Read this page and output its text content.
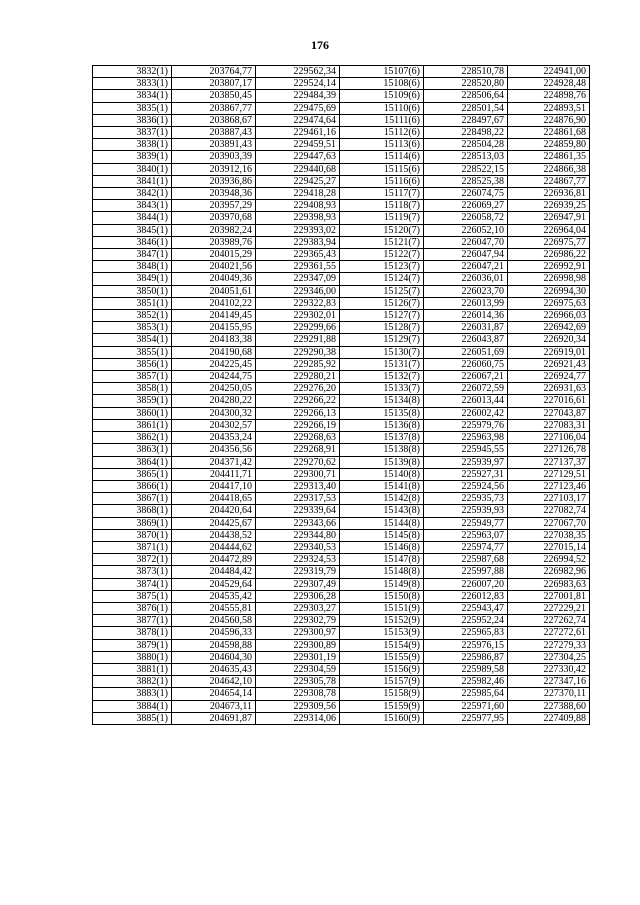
176
3832(1)	203764,77	229562,34	15107(6)	228510,78	224941,00
3833(1)	203807,17	229524,14	15108(6)	228520,80	224928,48
3834(1)	203850,45	229484,39	15109(6)	228506,64	224898,76
3835(1)	203867,77	229475,69	15110(6)	228501,54	224893,51
3836(1)	203868,67	229474,64	15111(6)	228497,67	224876,90
3837(1)	203887,43	229461,16	15112(6)	228498,22	224861,68
3838(1)	203891,43	229459,51	15113(6)	228504,28	224859,80
3839(1)	203903,39	229447,63	15114(6)	228513,03	224861,35
3840(1)	203912,16	229440,68	15115(6)	228522,15	224866,38
3841(1)	203936,86	229425,27	15116(6)	228525,38	224867,77
3842(1)	203948,36	229418,28	15117(7)	226074,75	226936,81
3843(1)	203957,29	229408,93	15118(7)	226069,27	226939,25
3844(1)	203970,68	229398,93	15119(7)	226058,72	226947,91
3845(1)	203982,24	229393,02	15120(7)	226052,10	226964,04
3846(1)	203989,76	229383,94	15121(7)	226047,70	226975,77
3847(1)	204015,29	229365,43	15122(7)	226047,94	226986,22
3848(1)	204021,56	229361,55	15123(7)	226047,21	226992,91
3849(1)	204049,36	229347,09	15124(7)	226036,01	226998,98
3850(1)	204051,61	229346,00	15125(7)	226023,70	226994,30
3851(1)	204102,22	229322,83	15126(7)	226013,99	226975,63
3852(1)	204149,45	229302,01	15127(7)	226014,36	226966,03
3853(1)	204155,95	229299,66	15128(7)	226031,87	226942,69
3854(1)	204183,38	229291,88	15129(7)	226043,87	226920,34
3855(1)	204190,68	229290,38	15130(7)	226051,69	226919,01
3856(1)	204225,45	229285,92	15131(7)	226060,75	226921,43
3857(1)	204244,75	229280,21	15132(7)	226067,21	226924,77
3858(1)	204250,05	229276,20	15133(7)	226072,59	226931,63
3859(1)	204280,22	229266,22	15134(8)	226013,44	227016,61
3860(1)	204300,32	229266,13	15135(8)	226002,42	227043,87
3861(1)	204302,57	229266,19	15136(8)	225979,76	227083,31
3862(1)	204353,24	229268,63	15137(8)	225963,98	227106,04
3863(1)	204356,56	229268,91	15138(8)	225945,55	227126,78
3864(1)	204371,42	229270,62	15139(8)	225939,97	227137,37
3865(1)	204411,71	229300,71	15140(8)	225927,31	227129,51
3866(1)	204417,10	229313,40	15141(8)	225924,56	227123,46
3867(1)	204418,65	229317,53	15142(8)	225935,73	227103,17
3868(1)	204420,64	229339,64	15143(8)	225939,93	227082,74
3869(1)	204425,67	229343,66	15144(8)	225949,77	227067,70
3870(1)	204438,52	229344,80	15145(8)	225963,07	227038,35
3871(1)	204444,62	229340,53	15146(8)	225974,77	227015,14
3872(1)	204472,89	229324,53	15147(8)	225987,68	226994,52
3873(1)	204484,42	229319,79	15148(8)	225997,88	226982,96
3874(1)	204529,64	229307,49	15149(8)	226007,20	226983,63
3875(1)	204535,42	229306,28	15150(8)	226012,83	227001,81
3876(1)	204555,81	229303,27	15151(9)	225943,47	227229,21
3877(1)	204560,58	229302,79	15152(9)	225952,24	227262,74
3878(1)	204596,33	229300,97	15153(9)	225965,83	227272,61
3879(1)	204598,88	229300,89	15154(9)	225976,15	227279,33
3880(1)	204604,30	229301,19	15155(9)	225986,87	227304,25
3881(1)	204635,43	229304,59	15156(9)	225989,58	227330,42
3882(1)	204642,10	229305,78	15157(9)	225982,46	227347,16
3883(1)	204654,14	229308,78	15158(9)	225985,64	227370,11
3884(1)	204673,11	229309,56	15159(9)	225971,60	227388,60
3885(1)	204691,87	229314,06	15160(9)	225977,95	227409,88
